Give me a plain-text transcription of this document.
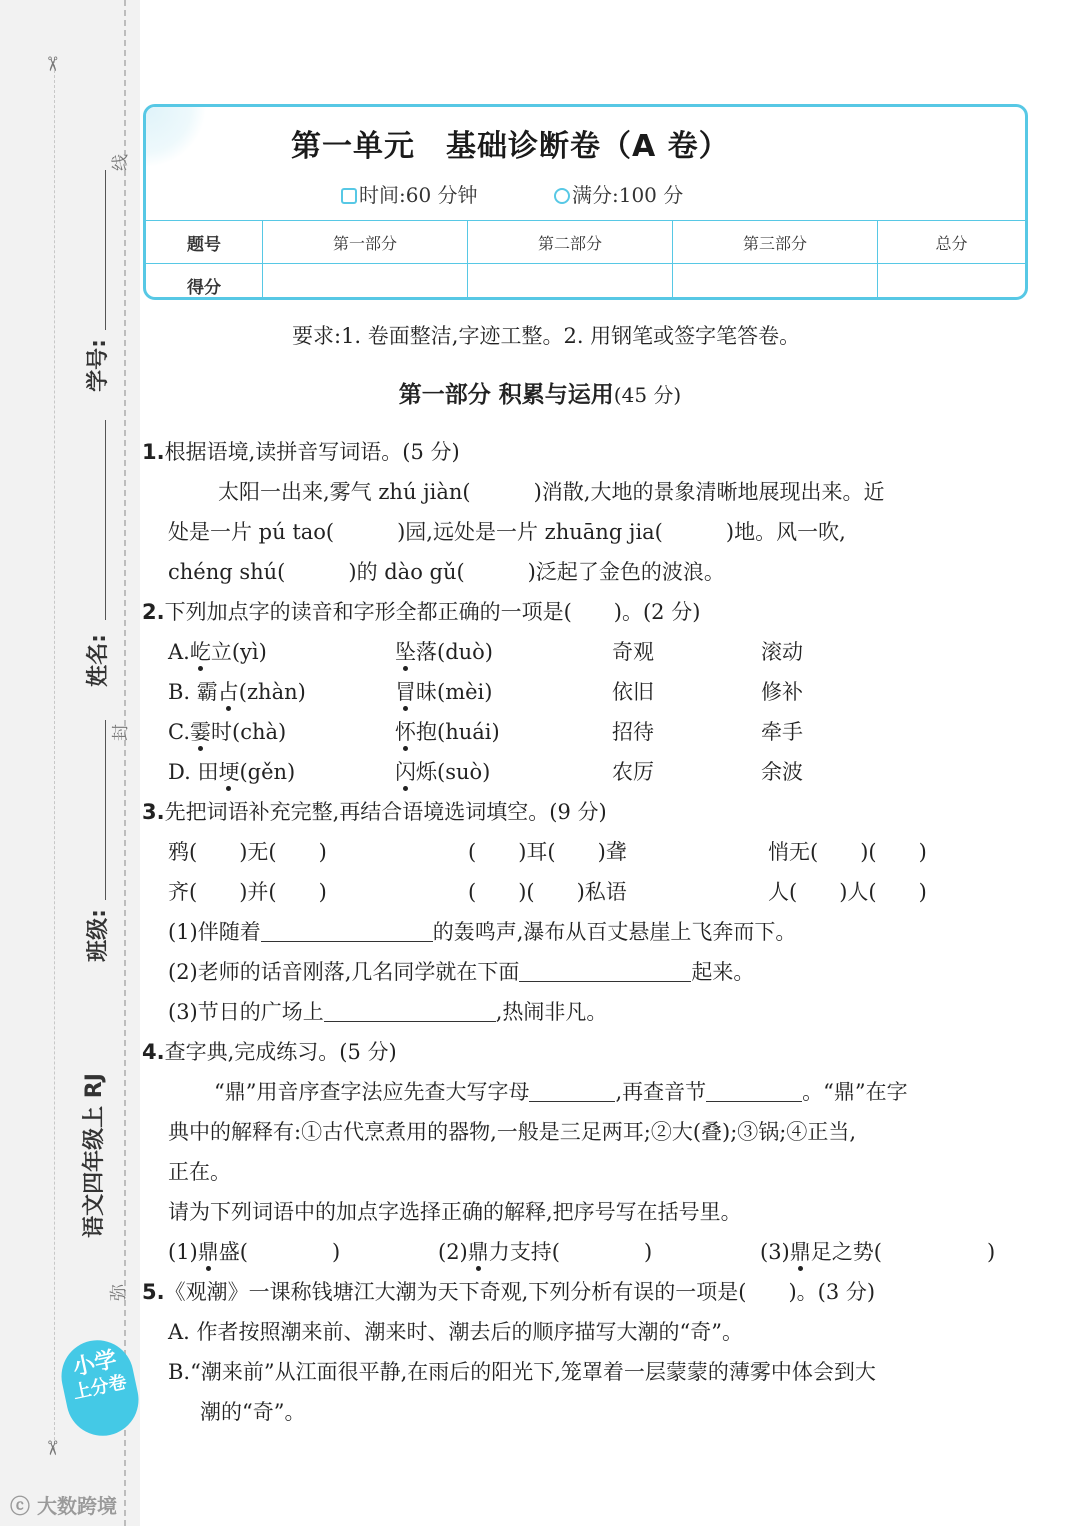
✂
✂
线
封
弥
学号:
姓名:
班级:
语文四年级上 RJ
小学
上分卷
ⓒ 大数跨境
第一单元　基础诊断卷（A 卷）
时间:60 分钟	满分:100 分
题号	第一部分	第二部分	第三部分	总分
得分				
要求:1. 卷面整洁,字迹工整。2. 用钢笔或签字笔答卷。
第一部分 积累与运用(45 分)
1.根据语境,读拼音写词语。(5 分)
太阳一出来,雾气 zhú jiàn(　　　)消散,大地的景象清晰地展现出来。近
处是一片 pú tao(　　　)园,远处是一片 zhuāng jia(　　　)地。风一吹,
chéng shú(　　　)的 dào gǔ(　　　)泛起了金色的波浪。
2.下列加点字的读音和字形全都正确的一项是(　　)。(2 分)
A.屹立(yì)	坠落(duò)	奇观	滚动
B. 霸占(zhàn)	冒昧(mèi)	依旧	修补
C.霎时(chà)	怀抱(huái)	招待	牵手
D. 田埂(gěn)	闪烁(suò)	农厉	余波
3.先把词语补充完整,再结合语境选词填空。(9 分)
鸦(　　)无(　　)	(　　)耳(　　)聋	悄无(　　)(　　)
齐(　　)并(　　)	(　　)(　　)私语	人(　　)人(　　)
(1)伴随着	的轰鸣声,瀑布从百丈悬崖上飞奔而下。
(2)老师的话音刚落,几名同学就在下面	起来。
(3)节日的广场上	,热闹非凡。
4.查字典,完成练习。(5 分)
“鼎”用音序查字法应先查大写字母	,再查音节	。“鼎”在字
典中的解释有:①古代烹煮用的器物,一般是三足两耳;②大(叠);③锅;④正当,
正在。
请为下列词语中的加点字选择正确的解释,把序号写在括号里。
(1)鼎盛(　　　　)	(2)鼎力支持(　　　　)	(3)鼎足之势(　　　　　)
5.《观潮》一课称钱塘江大潮为天下奇观,下列分析有误的一项是(　　)。(3 分)
A. 作者按照潮来前、潮来时、潮去后的顺序描写大潮的“奇”。
B.“潮来前”从江面很平静,在雨后的阳光下,笼罩着一层蒙蒙的薄雾中体会到大
潮的“奇”。
